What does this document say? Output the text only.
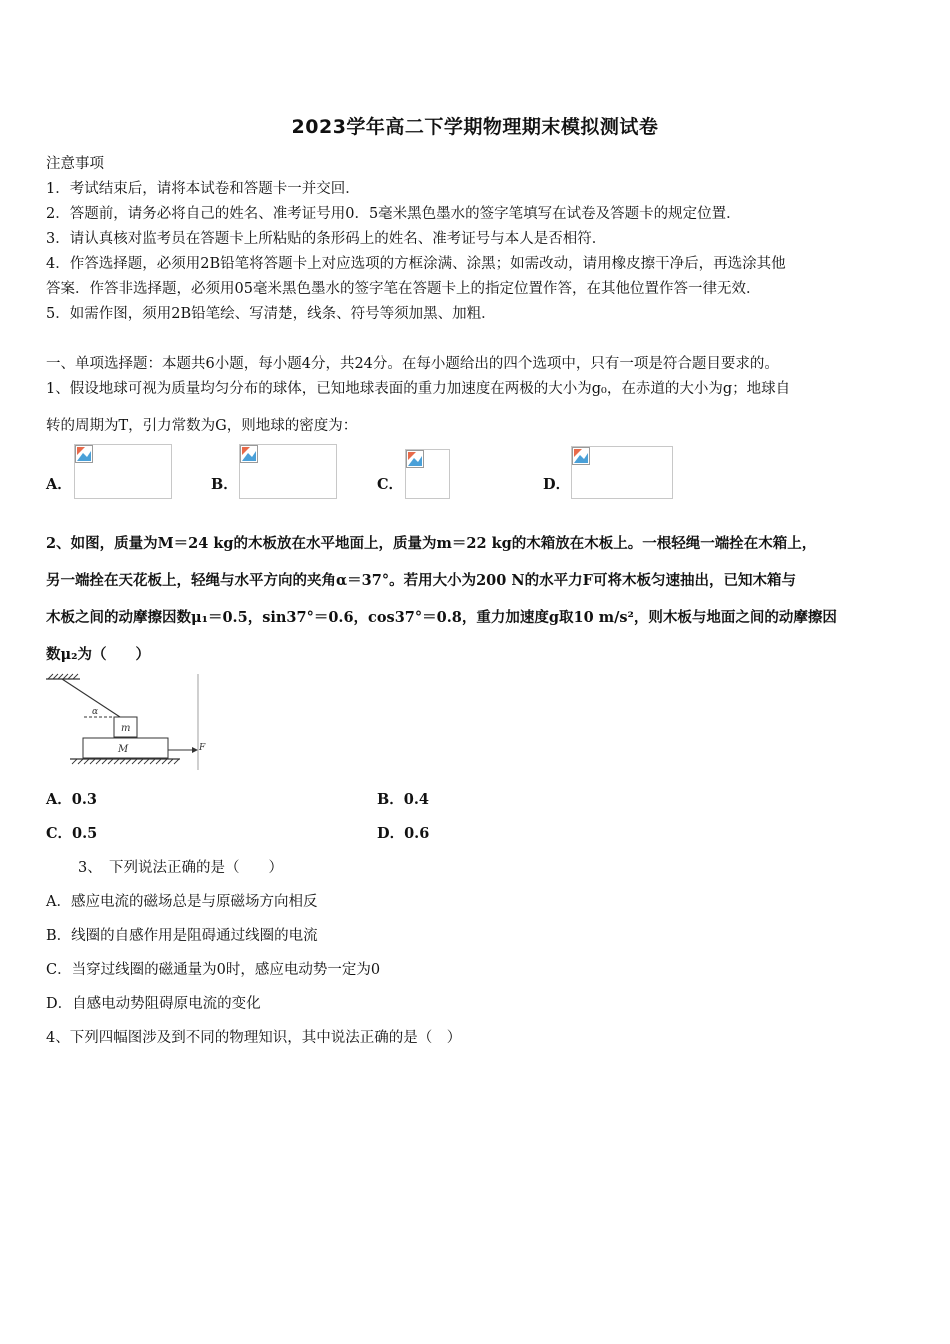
2023学年高二下学期物理期末模拟测试卷
注意事项
1．考试结束后，请将本试卷和答题卡一并交回．
2．答题前，请务必将自己的姓名、准考证号用0．5毫米黑色墨水的签字笔填写在试卷及答题卡的规定位置．
3．请认真核对监考员在答题卡上所粘贴的条形码上的姓名、准考证号与本人是否相符．
4．作答选择题，必须用2B铅笔将答题卡上对应选项的方框涂满、涂黑；如需改动，请用橡皮擦干净后，再选涂其他
答案．作答非选择题，必须用05毫米黑色墨水的签字笔在答题卡上的指定位置作答，在其他位置作答一律无效．
5．如需作图，须用2B铅笔绘、写清楚，线条、符号等须加黑、加粗．
一、单项选择题：本题共6小题，每小题4分，共24分。在每小题给出的四个选项中，只有一项是符合题目要求的。
1、假设地球可视为质量均匀分布的球体，已知地球表面的重力加速度在两极的大小为g₀，在赤道的大小为g；地球自
转的周期为T，引力常数为G，则地球的密度为：
A．	B．	C．	D．
2、如图，质量为M＝24 kg的木板放在水平地面上，质量为m＝22 kg的木箱放在木板上。一根轻绳一端拴在木箱上，
另一端拴在天花板上，轻绳与水平方向的夹角α＝37°。若用大小为200 N的水平力F可将木板匀速抽出，已知木箱与
木板之间的动摩擦因数μ₁＝0.5，sin37°＝0.6，cos37°＝0.8，重力加速度g取10 m/s²，则木板与地面之间的动摩擦因
数μ₂为（　　）
α
m
M	F
A．0.3	B．0.4
C．0.5	D．0.6
3、　下列说法正确的是（　　）
A．感应电流的磁场总是与原磁场方向相反
B．线圈的自感作用是阻碍通过线圈的电流
C．当穿过线圈的磁通量为0时，感应电动势一定为0
D．自感电动势阻碍原电流的变化
4、下列四幅图涉及到不同的物理知识，其中说法正确的是（　）
